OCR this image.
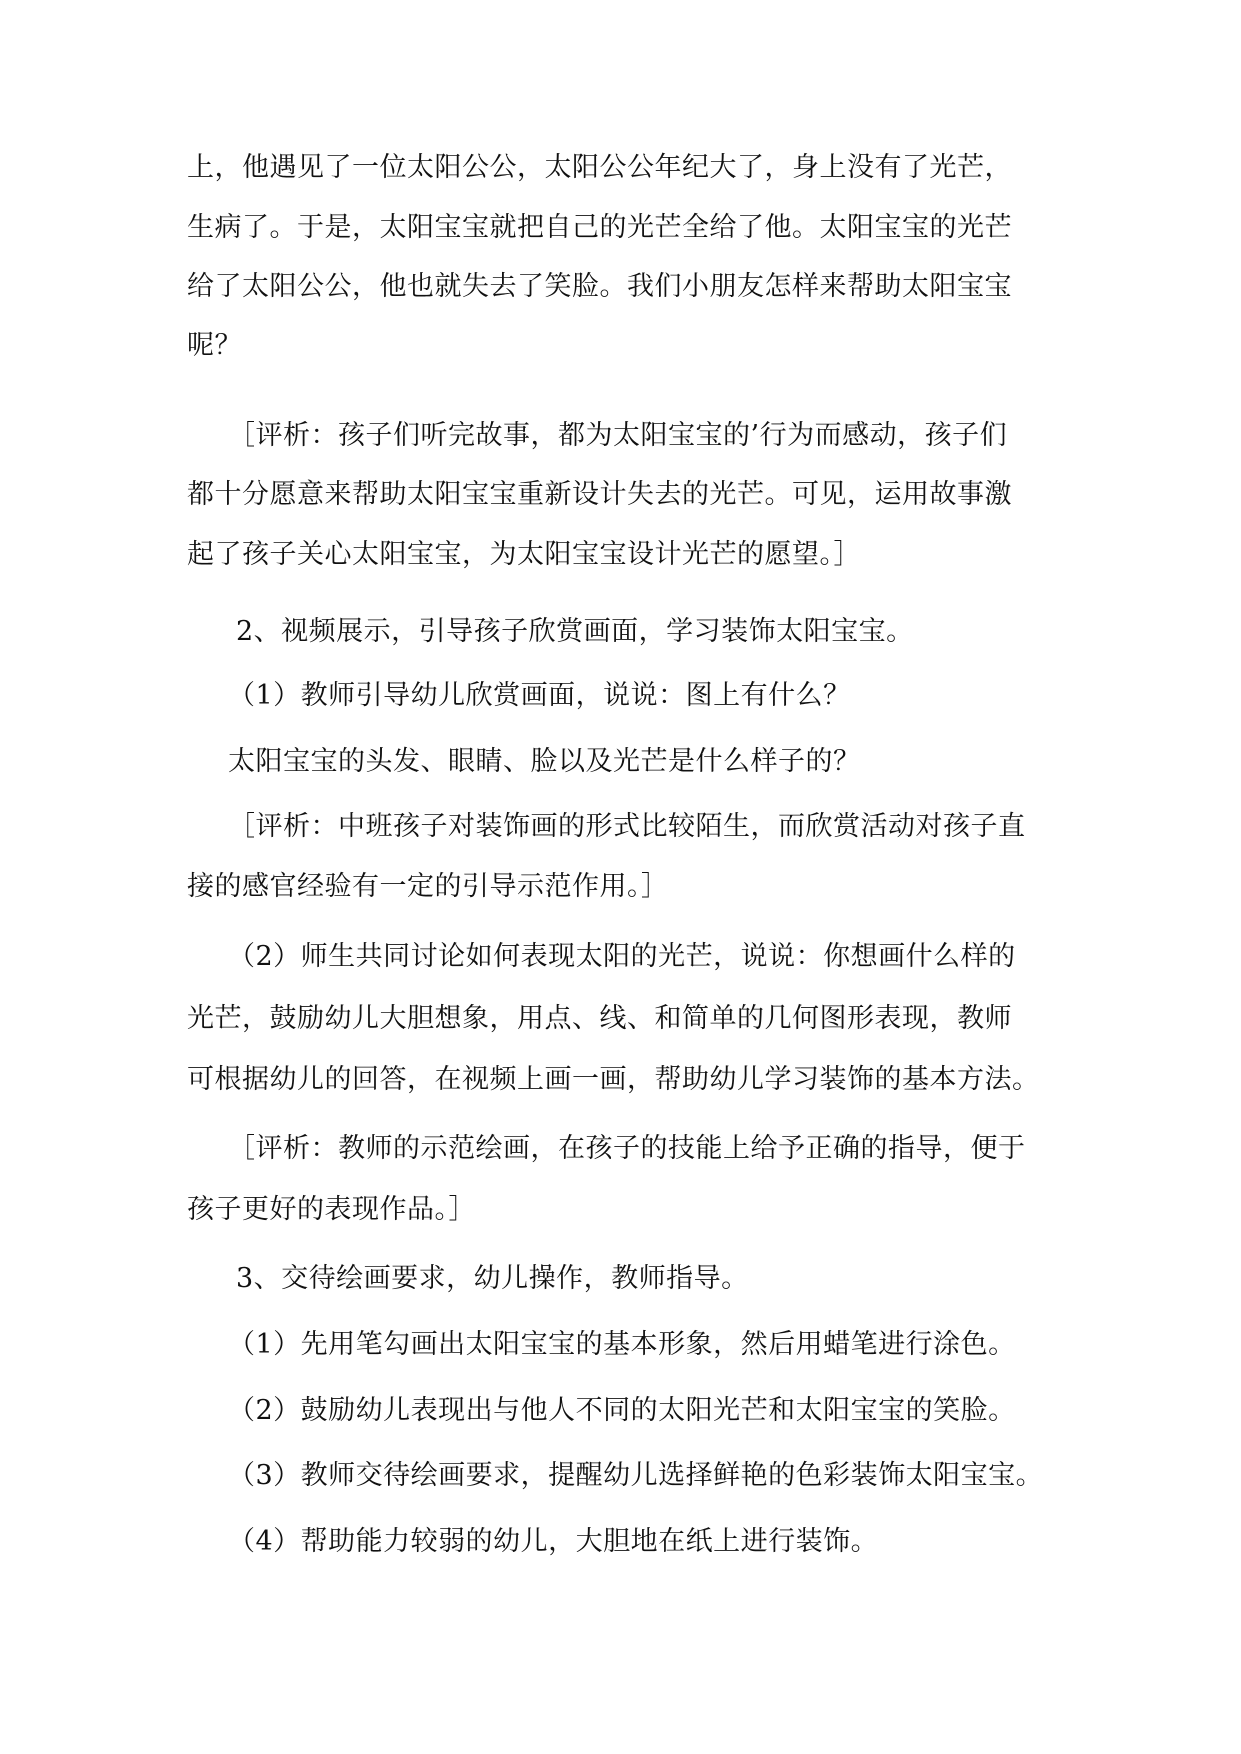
上，他遇见了一位太阳公公，太阳公公年纪大了，身上没有了光芒，
生病了。于是，太阳宝宝就把自己的光芒全给了他。太阳宝宝的光芒
给了太阳公公，他也就失去了笑脸。我们小朋友怎样来帮助太阳宝宝
呢？
［评析：孩子们听完故事，都为太阳宝宝的’行为而感动，孩子们
都十分愿意来帮助太阳宝宝重新设计失去的光芒。可见，运用故事激
起了孩子关心太阳宝宝，为太阳宝宝设计光芒的愿望。］
2、视频展示，引导孩子欣赏画面，学习装饰太阳宝宝。
（1）教师引导幼儿欣赏画面，说说：图上有什么？
太阳宝宝的头发、眼睛、脸以及光芒是什么样子的？
［评析：中班孩子对装饰画的形式比较陌生，而欣赏活动对孩子直
接的感官经验有一定的引导示范作用。］
（2）师生共同讨论如何表现太阳的光芒，说说：你想画什么样的
光芒，鼓励幼儿大胆想象，用点、线、和简单的几何图形表现，教师
可根据幼儿的回答，在视频上画一画，帮助幼儿学习装饰的基本方法。
［评析：教师的示范绘画，在孩子的技能上给予正确的指导，便于
孩子更好的表现作品。］
3、交待绘画要求，幼儿操作，教师指导。
（1）先用笔勾画出太阳宝宝的基本形象，然后用蜡笔进行涂色。
（2）鼓励幼儿表现出与他人不同的太阳光芒和太阳宝宝的笑脸。
（3）教师交待绘画要求，提醒幼儿选择鲜艳的色彩装饰太阳宝宝。
（4）帮助能力较弱的幼儿，大胆地在纸上进行装饰。
